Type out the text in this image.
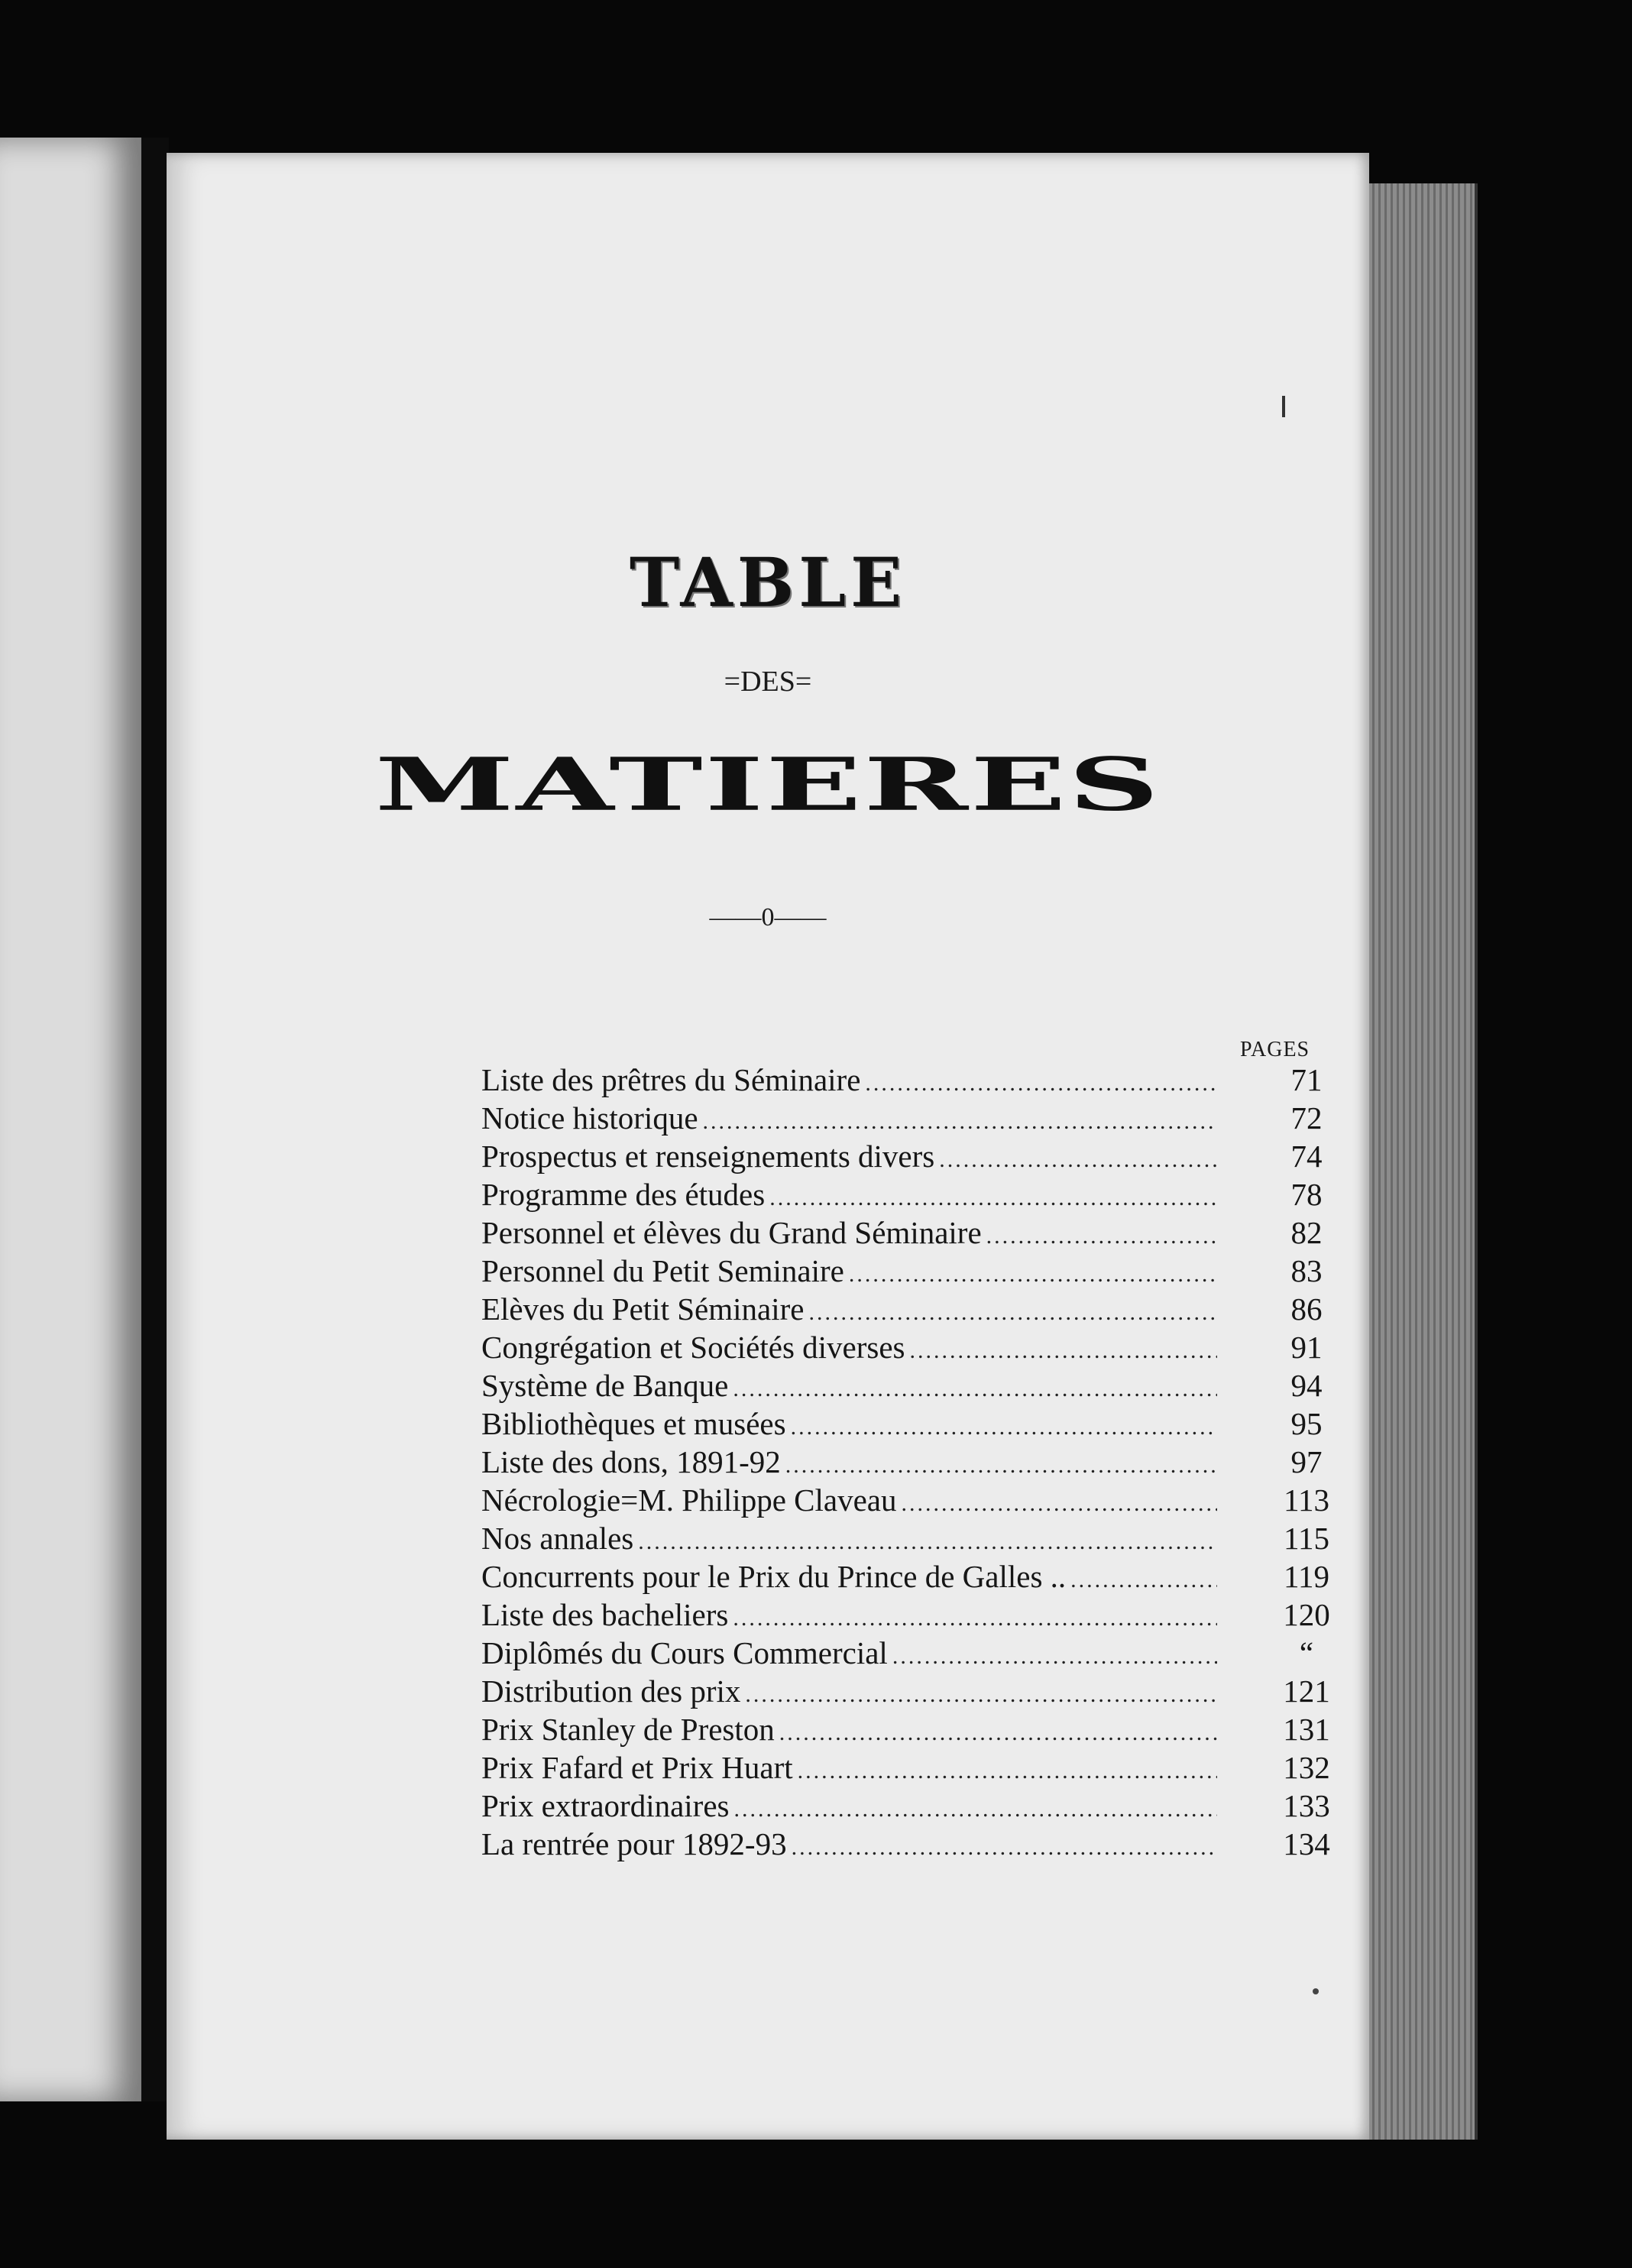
TABLE
=DES=
MATIERES
——0——
PAGES
Liste des prêtres du Séminaire .....	71
Notice historique .....	72
Prospectus et renseignements divers .....	74
Programme des études .....	78
Personnel et élèves du Grand Séminaire .....	82
Personnel du Petit Seminaire .....	83
Elèves du Petit Séminaire .....	86
Congrégation et Sociétés diverses .....	91
Système de Banque .....	94
Bibliothèques et musées .....	95
Liste des dons, 1891-92 .....	97
Nécrologie=M. Philippe Claveau .....	113
Nos annales .....	115
Concurrents pour le Prix du Prince de Galles .. .....	119
Liste des bacheliers .....	120
Diplômés du Cours Commercial .....	“
Distribution des prix .....	121
Prix Stanley de Preston .....	131
Prix Fafard et Prix Huart .....	132
Prix extraordinaires .....	133
La rentrée pour 1892-93 .....	134
